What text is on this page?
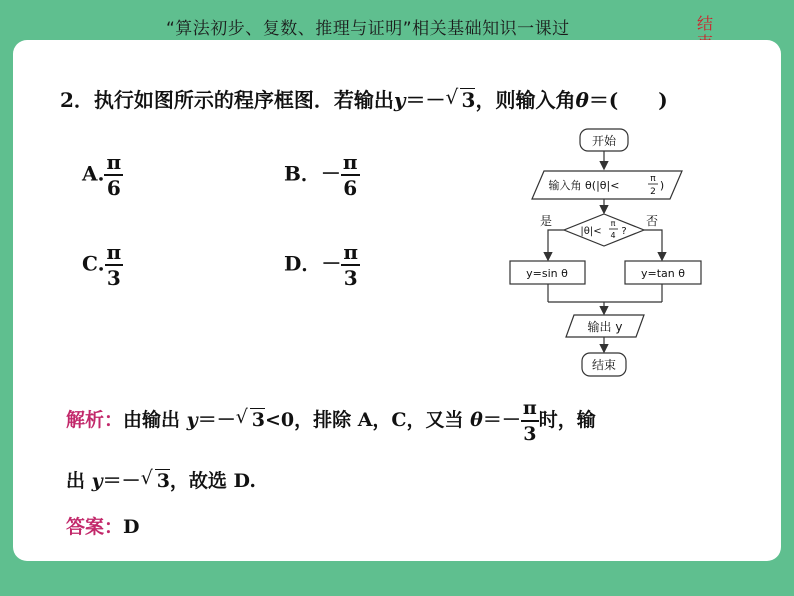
“算法初步、复数、推理与证明”相关基础知识一课过	结
2．执行如图所示的程序框图．若输出y＝－ √ 3，则输入角θ＝(　　)
A. $\frac{\pi}{6}$	B．－ $\frac{\pi}{6}$
C. $\frac{\pi}{3}$	D．－ $\frac{\pi}{3}$
开始
输入角 θ(|θ|<	π
2 )
|θ|<
π
4 ?
是	否
y=sin θ	y=tan θ
输出 y
结束
解析：由输出 y＝－ √ 3<0，排除 A，C，又当 $\theta=- \frac{\pi}{3}$ 时，输
出 y＝－ √ 3，故选 D.
答案：D
